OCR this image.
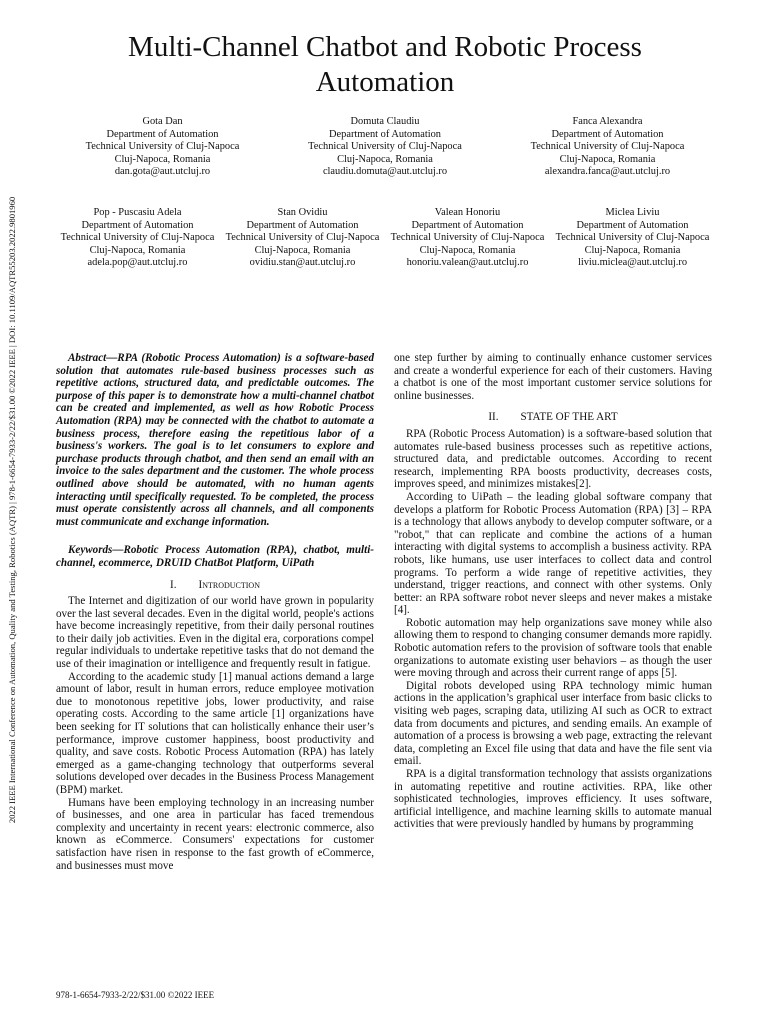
2022 IEEE International Conference on Automation, Quality and Testing, Robotics (AQTR) | 978-1-6654-7933-2/22/$31.00 ©2022 IEEE | DOI: 10.1109/AQTR55203.2022.9801960
Multi-Channel Chatbot and Robotic Process Automation
Gota Dan
Department of Automation
Technical University of Cluj-Napoca
Cluj-Napoca, Romania
dan.gota@aut.utcluj.ro
Domuta Claudiu
Department of Automation
Technical University of Cluj-Napoca
Cluj-Napoca, Romania
claudiu.domuta@aut.utcluj.ro
Fanca Alexandra
Department of Automation
Technical University of Cluj-Napoca
Cluj-Napoca, Romania
alexandra.fanca@aut.utcluj.ro
Pop - Puscasiu Adela
Department of Automation
Technical University of Cluj-Napoca
Cluj-Napoca, Romania
adela.pop@aut.utcluj.ro
Stan Ovidiu
Department of Automation
Technical University of Cluj-Napoca
Cluj-Napoca, Romania
ovidiu.stan@aut.utcluj.ro
Valean Honoriu
Department of Automation
Technical University of Cluj-Napoca
Cluj-Napoca, Romania
honoriu.valean@aut.utcluj.ro
Miclea Liviu
Department of Automation
Technical University of Cluj-Napoca
Cluj-Napoca, Romania
liviu.miclea@aut.utcluj.ro

Abstract—RPA (Robotic Process Automation) is a software-based solution that automates rule-based business processes such as repetitive actions, structured data, and predictable outcomes. The purpose of this paper is to demonstrate how a multi-channel chatbot can be created and implemented, as well as how Robotic Process Automation (RPA) may be connected with the chatbot to automate a business process, therefore easing the repetitious labor of a business's workers. The goal is to let consumers to explore and purchase products through chatbot, and then send an email with an invoice to the sales department and the customer. The whole process outlined above should be automated, with no human agents interacting until specifically requested. To be completed, the process must operate consistently across all channels, and all components must communicate and exchange information.

Keywords—Robotic Process Automation (RPA), chatbot, multi-channel, ecommerce, DRUID ChatBot Platform, UiPath

I. Introduction

The Internet and digitization of our world have grown in popularity over the last several decades. Even in the digital world, people's actions have become increasingly repetitive, from their daily personal routines to their daily job activities. Even in the digital era, corporations compel regular individuals to undertake repetitive tasks that do not demand the use of their imagination or intelligence and frequently result in fatigue.

According to the academic study [1] manual actions demand a large amount of labor, result in human errors, reduce employee motivation due to monotonous repetitive jobs, lower productivity, and raise operating costs. According to the same article [1] organizations have been seeking for IT solutions that can holistically enhance their user’s performance, improve customer happiness, boost productivity and quality, and save costs. Robotic Process Automation (RPA) has lately emerged as a game-changing technology that outperforms several solutions developed over decades in the Business Process Management (BPM) market.

Humans have been employing technology in an increasing number of businesses, and one area in particular has faced tremendous complexity and uncertainty in recent years: electronic commerce, also known as eCommerce. Consumers' expectations for customer satisfaction have risen in response to the fast growth of eCommerce, and businesses must move

one step further by aiming to continually enhance customer services and create a wonderful experience for each of their customers. Having a chatbot is one of the most important customer service solutions for online businesses.

II. STATE OF THE ART

RPA (Robotic Process Automation) is a software-based solution that automates rule-based business processes such as repetitive actions, structured data, and predictable outcomes. According to recent research, implementing RPA boosts productivity, decreases costs, improves speed, and minimizes mistakes[2].

According to UiPath – the leading global software company that develops a platform for Robotic Process Automation (RPA) [3] – RPA is a technology that allows anybody to develop computer software, or a "robot," that can replicate and combine the actions of a human interacting with digital systems to accomplish a business activity. RPA robots, like humans, use user interfaces to collect data and control programs. To perform a wide range of repetitive activities, they understand, trigger reactions, and connect with other systems. Only better: an RPA software robot never sleeps and never makes a mistake [4].

Robotic automation may help organizations save money while also allowing them to respond to changing consumer demands more rapidly. Robotic automation refers to the provision of software tools that enable organizations to automate existing user behaviors – as though the user were moving through and across their current range of apps [5].

Digital robots developed using RPA technology mimic human actions in the application’s graphical user interface from basic clicks to visiting web pages, scraping data, utilizing AI such as OCR to extract data from documents and pictures, and sending emails. An example of automation of a process is browsing a web page, extracting the relevant data, completing an Excel file using that data and have the file sent via email.

RPA is a digital transformation technology that assists organizations in automating repetitive and routine activities. RPA, like other sophisticated technologies, improves efficiency. It uses software, artificial intelligence, and machine learning skills to automate manual activities that were previously handled by humans by programming

978-1-6654-7933-2/22/$31.00 ©2022 IEEE
